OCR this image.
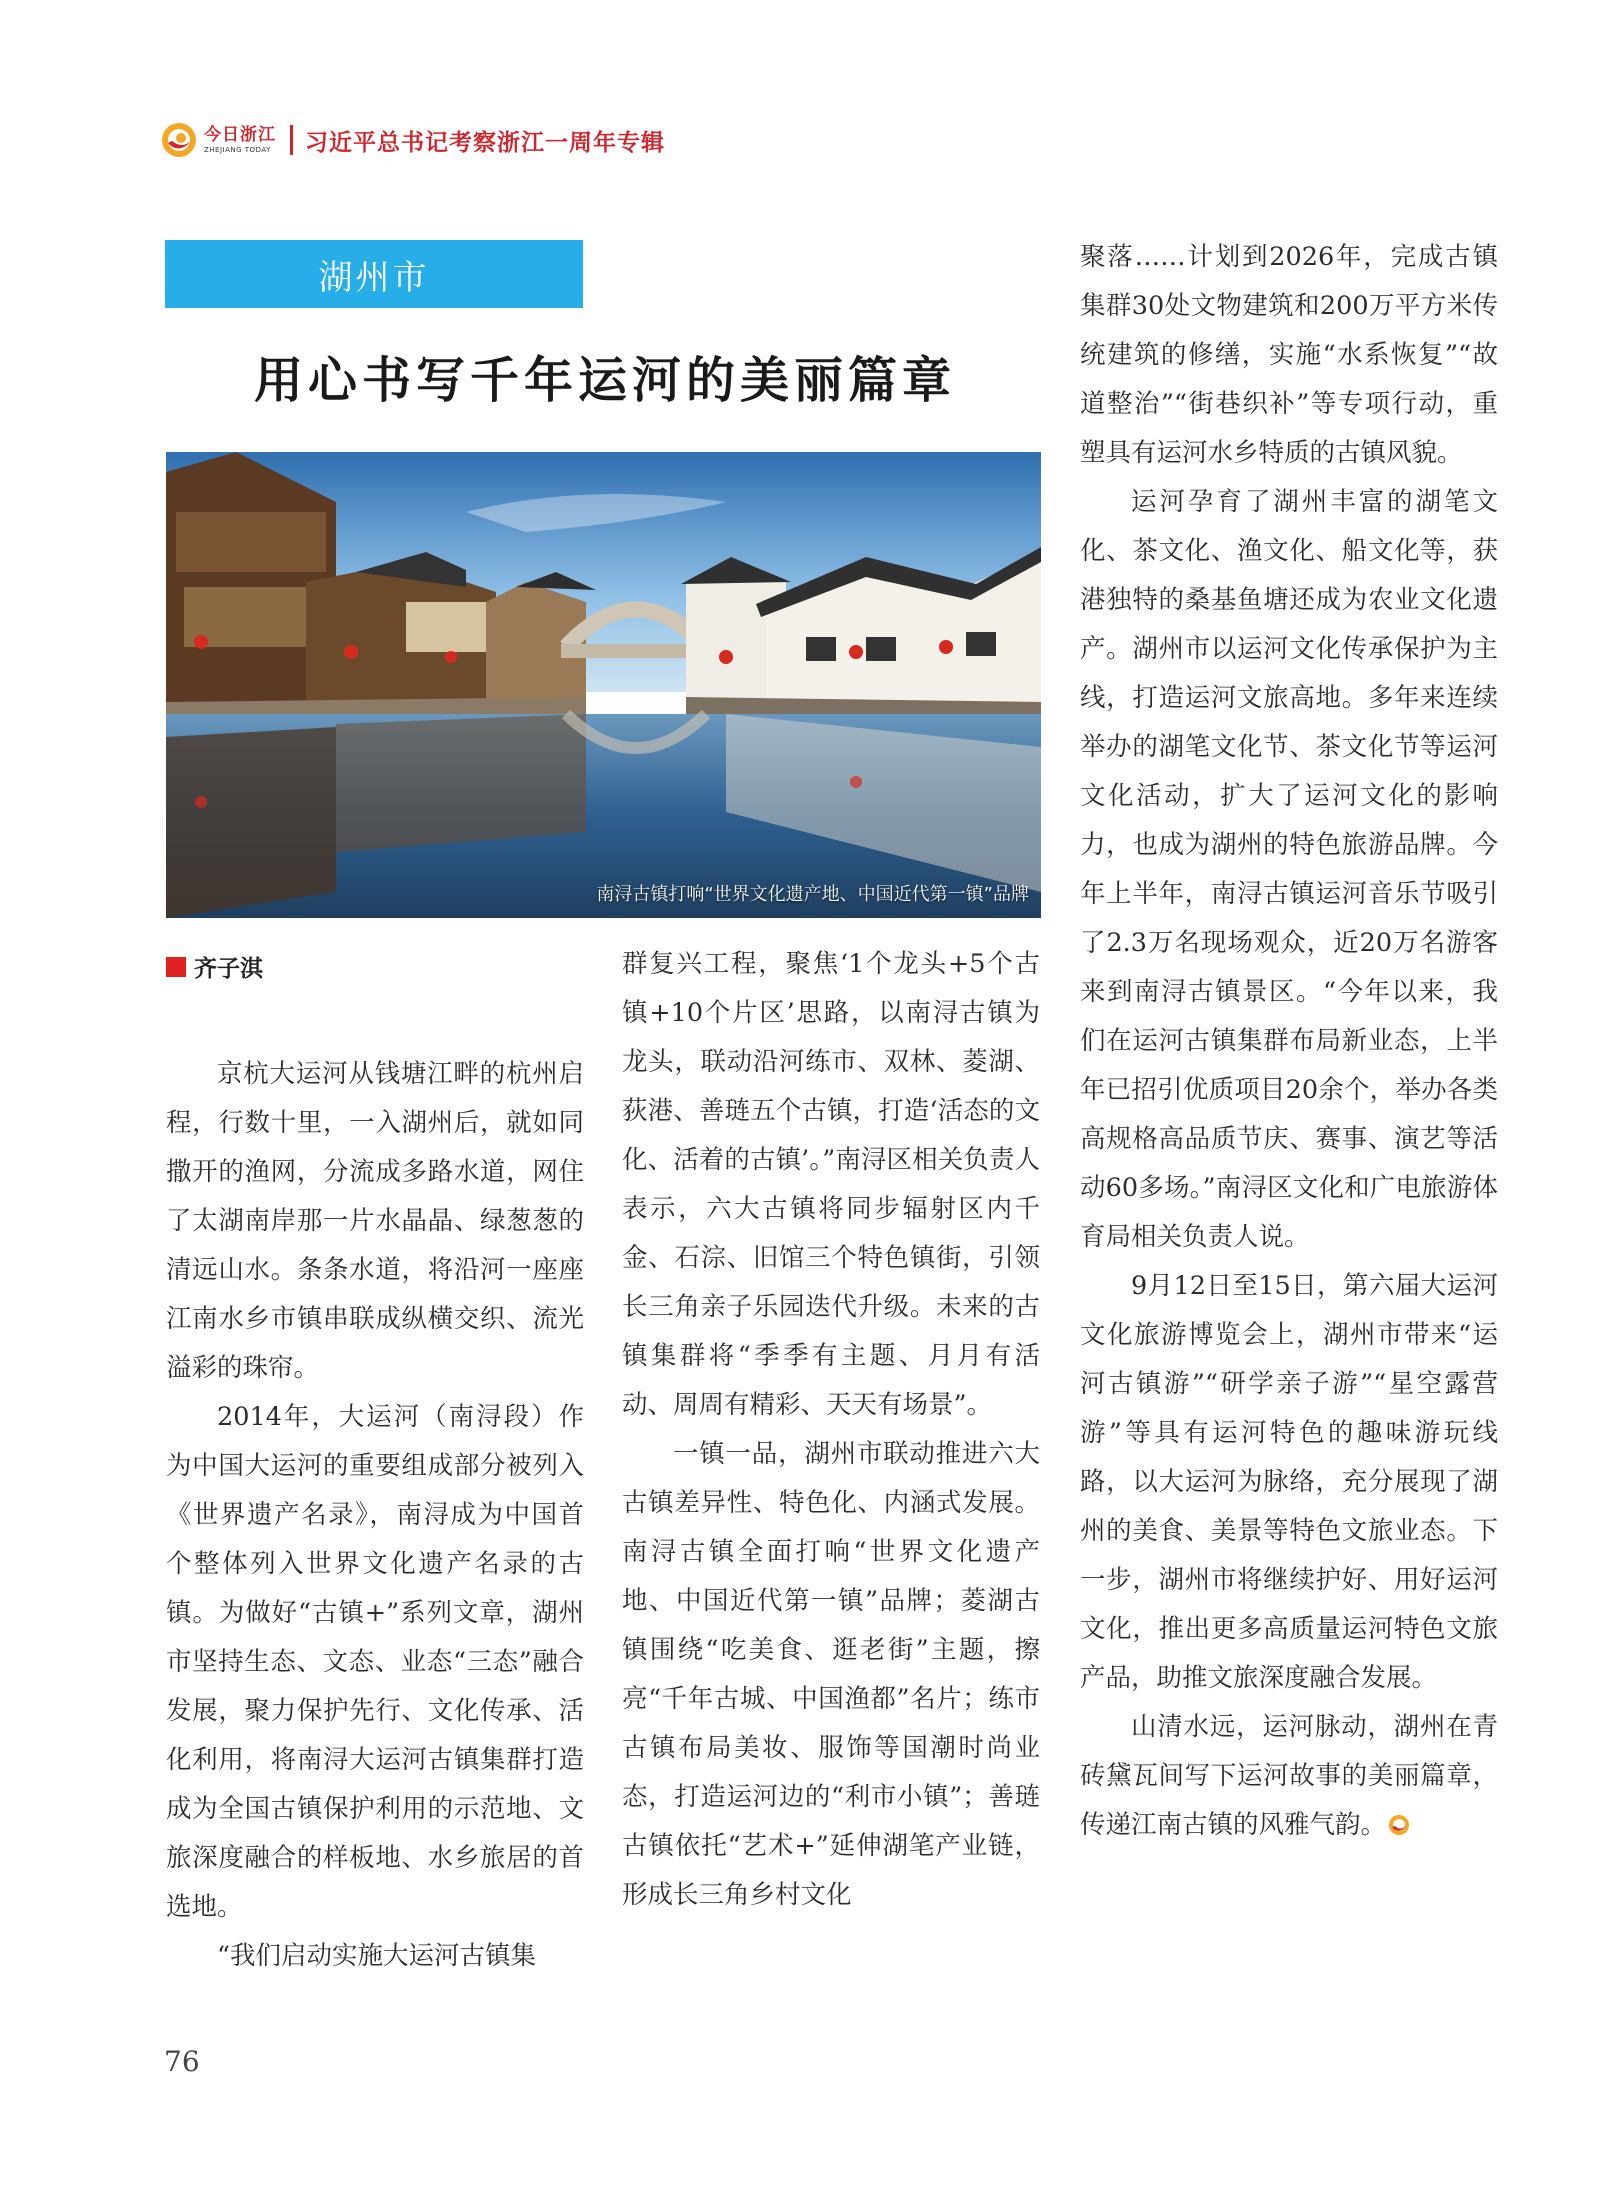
今日浙江
ZHEJIANG TODAY 习近平总书记考察浙江一周年专辑
湖州市
用心书写千年运河的美丽篇章
南浔古镇打响“世界文化遗产地、中国近代第一镇”品牌
齐子淇

京杭大运河从钱塘江畔的杭州启程，行数十里，一入湖州后，就如同撒开的渔网，分流成多路水道，网住了太湖南岸那一片水晶晶、绿葱葱的清远山水。条条水道，将沿河一座座江南水乡市镇串联成纵横交织、流光溢彩的珠帘。

2014年，大运河（南浔段）作为中国大运河的重要组成部分被列入《世界遗产名录》，南浔成为中国首个整体列入世界文化遗产名录的古镇。为做好“古镇+”系列文章，湖州市坚持生态、文态、业态“三态”融合发展，聚力保护先行、文化传承、活化利用，将南浔大运河古镇集群打造成为全国古镇保护利用的示范地、文旅深度融合的样板地、水乡旅居的首选地。

“我们启动实施大运河古镇集

群复兴工程，聚焦‘1个龙头+5个古镇+10个片区’思路，以南浔古镇为龙头，联动沿河练市、双林、菱湖、荻港、善琏五个古镇，打造‘活态的文化、活着的古镇’。”南浔区相关负责人表示，六大古镇将同步辐射区内千金、石淙、旧馆三个特色镇街，引领长三角亲子乐园迭代升级。未来的古镇集群将“季季有主题、月月有活动、周周有精彩、天天有场景”。

一镇一品，湖州市联动推进六大古镇差异性、特色化、内涵式发展。南浔古镇全面打响“世界文化遗产地、中国近代第一镇”品牌；菱湖古镇围绕“吃美食、逛老街”主题，擦亮“千年古城、中国渔都”名片；练市古镇布局美妆、服饰等国潮时尚业态，打造运河边的“利市小镇”；善琏古镇依托“艺术+”延伸湖笔产业链，形成长三角乡村文化

聚落……计划到2026年，完成古镇集群30处文物建筑和200万平方米传统建筑的修缮，实施“水系恢复”“故道整治”“街巷织补”等专项行动，重塑具有运河水乡特质的古镇风貌。

运河孕育了湖州丰富的湖笔文化、茶文化、渔文化、船文化等，获港独特的桑基鱼塘还成为农业文化遗产。湖州市以运河文化传承保护为主线，打造运河文旅高地。多年来连续举办的湖笔文化节、茶文化节等运河文化活动，扩大了运河文化的影响力，也成为湖州的特色旅游品牌。今年上半年，南浔古镇运河音乐节吸引了2.3万名现场观众，近20万名游客来到南浔古镇景区。“今年以来，我们在运河古镇集群布局新业态，上半年已招引优质项目20余个，举办各类高规格高品质节庆、赛事、演艺等活动60多场。”南浔区文化和广电旅游体育局相关负责人说。

9月12日至15日，第六届大运河文化旅游博览会上，湖州市带来“运河古镇游”“研学亲子游”“星空露营游”等具有运河特色的趣味游玩线路，以大运河为脉络，充分展现了湖州的美食、美景等特色文旅业态。下一步，湖州市将继续护好、用好运河文化，推出更多高质量运河特色文旅产品，助推文旅深度融合发展。

山清水远，运河脉动，湖州在青砖黛瓦间写下运河故事的美丽篇章，传递江南古镇的风雅气韵。

76
